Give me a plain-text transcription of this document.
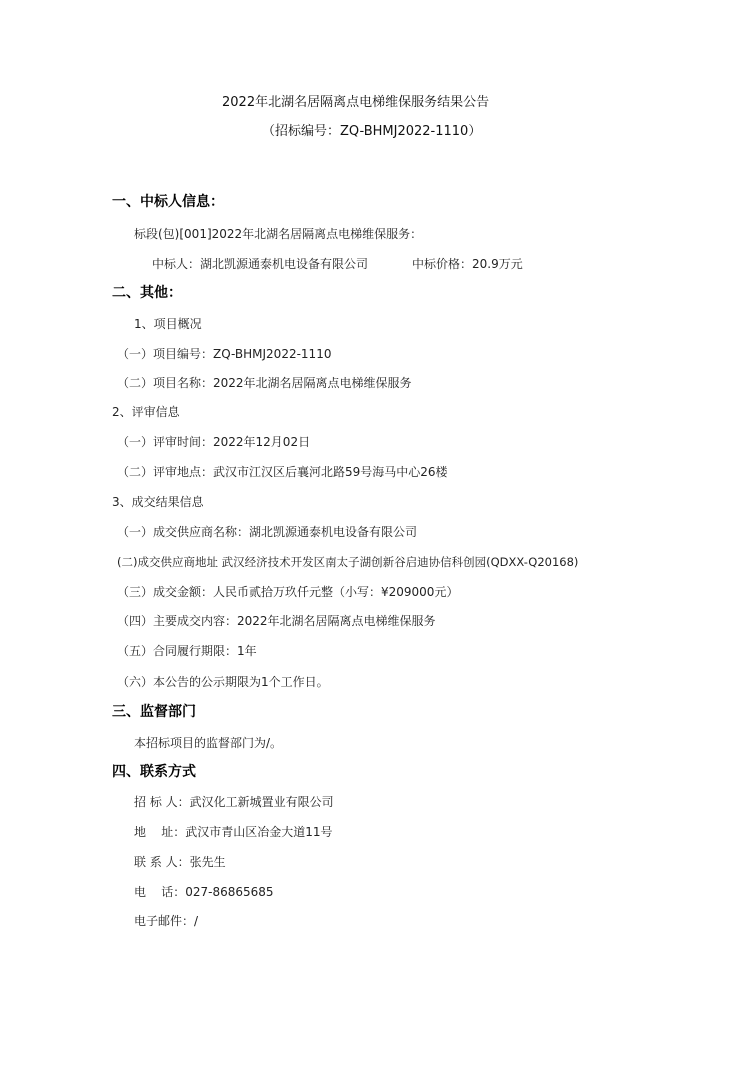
2022年北湖名居隔离点电梯维保服务结果公告
（招标编号：ZQ-BHMJ2022-1110）
一、中标人信息：
标段(包)[001]2022年北湖名居隔离点电梯维保服务：
中标人：湖北凯源通泰机电设备有限公司	中标价格：20.9万元
二、其他：
1、项目概况
（一）项目编号：ZQ-BHMJ2022-1110
（二）项目名称：2022年北湖名居隔离点电梯维保服务
2、评审信息
（一）评审时间：2022年12月02日
（二）评审地点：武汉市江汉区后襄河北路59号海马中心26楼
3、成交结果信息
（一）成交供应商名称：湖北凯源通泰机电设备有限公司
(二)成交供应商地址 武汉经济技术开发区南太子湖创新谷启迪协信科创园(QDXX-Q20168)
（三）成交金额：人民币贰拾万玖仟元整（小写：¥209000元）
（四）主要成交内容：2022年北湖名居隔离点电梯维保服务
（五）合同履行期限：1年
（六）本公告的公示期限为1个工作日。
三、监督部门
本招标项目的监督部门为/。
四、联系方式
招 标 人：武汉化工新城置业有限公司
地    址：武汉市青山区冶金大道11号
联 系 人：张先生
电    话：027-86865685
电子邮件：/
